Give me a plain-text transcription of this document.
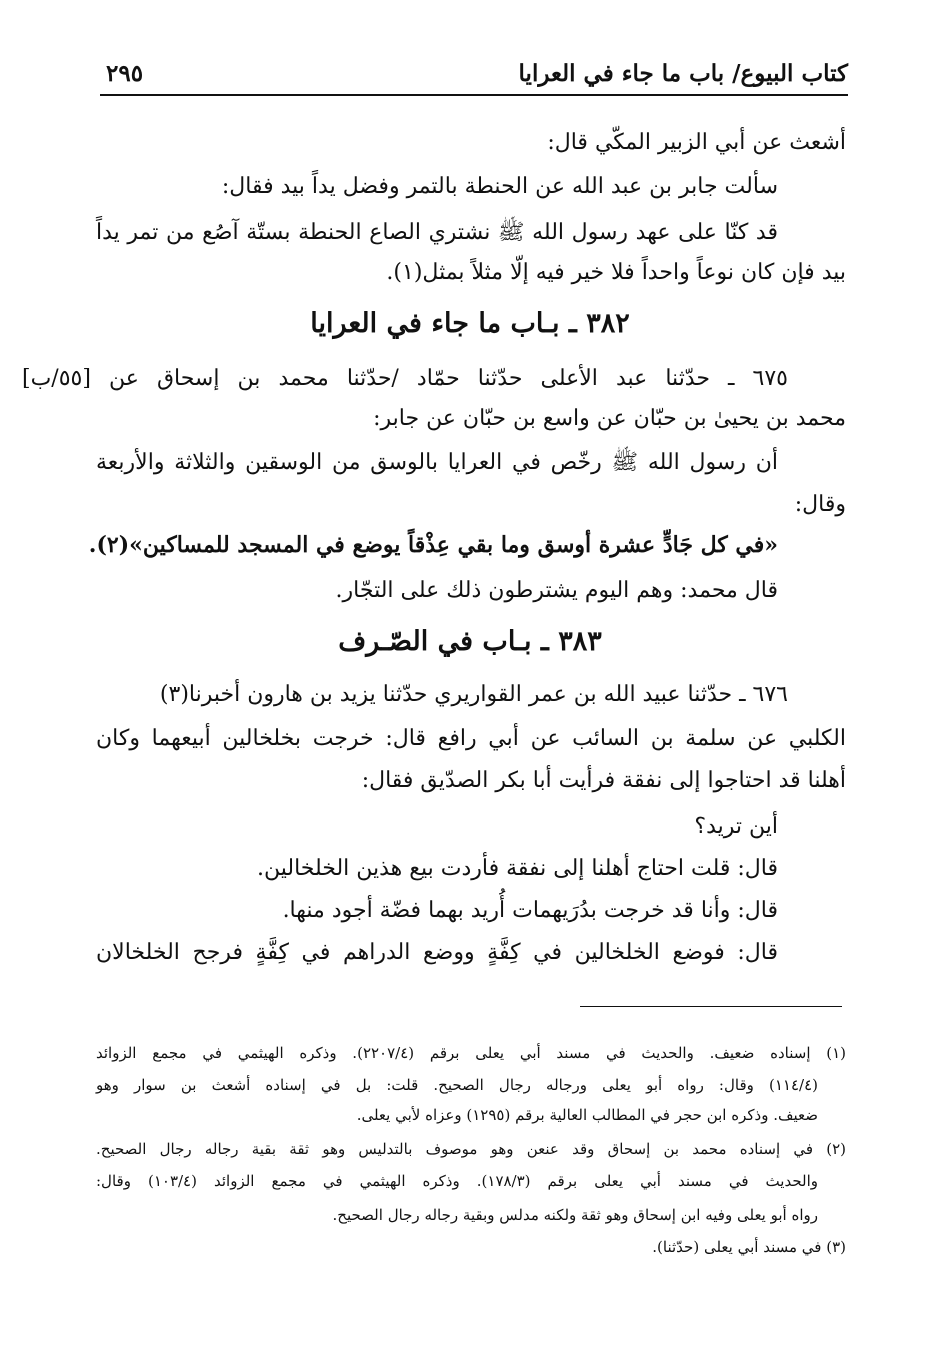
كتاب البيوع/ باب ما جاء في العرايا
٢٩٥
أشعث عن أبي الزبير المكّي قال:
سألت جابر بن عبد الله عن الحنطة بالتمر وفضل يداً بيد فقال:
قد كنّا على عهد رسول الله ﷺ نشتري الصاع الحنطة بستّة آصُع من تمر يداً
بيد فإن كان نوعاً واحداً فلا خير فيه إلّا مثلاً بمثل(١).
٣٨٢ ـ بـاب ما جاء في العرايا
٦٧٥ ـ حدّثنا عبد الأعلى حدّثنا حمّاد /حدّثنا محمد بن إسحاق عن [٥٥/ب]
محمد بن يحيىٰ بن حبّان عن واسع بن حبّان عن جابر:
أن رسول الله ﷺ رخّص في العرايا بالوسق من الوسقين والثلاثة والأربعة
وقال:
«في كل جَادٍّ عشرة أوسق وما بقي عِذْقاً يوضع في المسجد للمساكين»(٢).
قال محمد: وهم اليوم يشترطون ذلك على التجّار.
٣٨٣ ـ بـاب في الصّـرف
٦٧٦ ـ حدّثنا عبيد الله بن عمر القواريري حدّثنا يزيد بن هارون أخبرنا(٣)
الكلبي عن سلمة بن السائب عن أبي رافع قال: خرجت بخلخالين أبيعهما وكان
أهلنا قد احتاجوا إلى نفقة فرأيت أبا بكر الصدّيق فقال:
أين تريد؟
قال: قلت احتاج أهلنا إلى نفقة فأردت بيع هذين الخلخالين.
قال: وأنا قد خرجت بدُرَيهمات أُريد بهما فضّة أجود منها.
قال: فوضع الخلخالين في كِفَّةٍ ووضع الدراهم في كِفَّةٍ فرجح الخلخالان
(١) إسناده ضعيف. والحديث في مسند أبي يعلى برقم (٢٢٠٧/٤). وذكره الهيثمي في مجمع الزوائد
(١١٤/٤) وقال: رواه أبو يعلى ورجاله رجال الصحيح. قلت: بل في إسناده أشعث بن سوار وهو
ضعيف. وذكره ابن حجر في المطالب العالية برقم (١٢٩٥) وعزاه لأبي يعلى.
(٢) في إسناده محمد بن إسحاق وقد عنعن وهو موصوف بالتدليس وهو ثقة بقية رجاله رجال الصحيح.
والحديث في مسند أبي يعلى برقم (١٧٨/٣). وذكره الهيثمي في مجمع الزوائد (١٠٣/٤) وقال:
رواه أبو يعلى وفيه ابن إسحاق وهو ثقة ولكنه مدلس وبقية رجاله رجال الصحيح.
(٣) في مسند أبي يعلى (حدّثنا).
